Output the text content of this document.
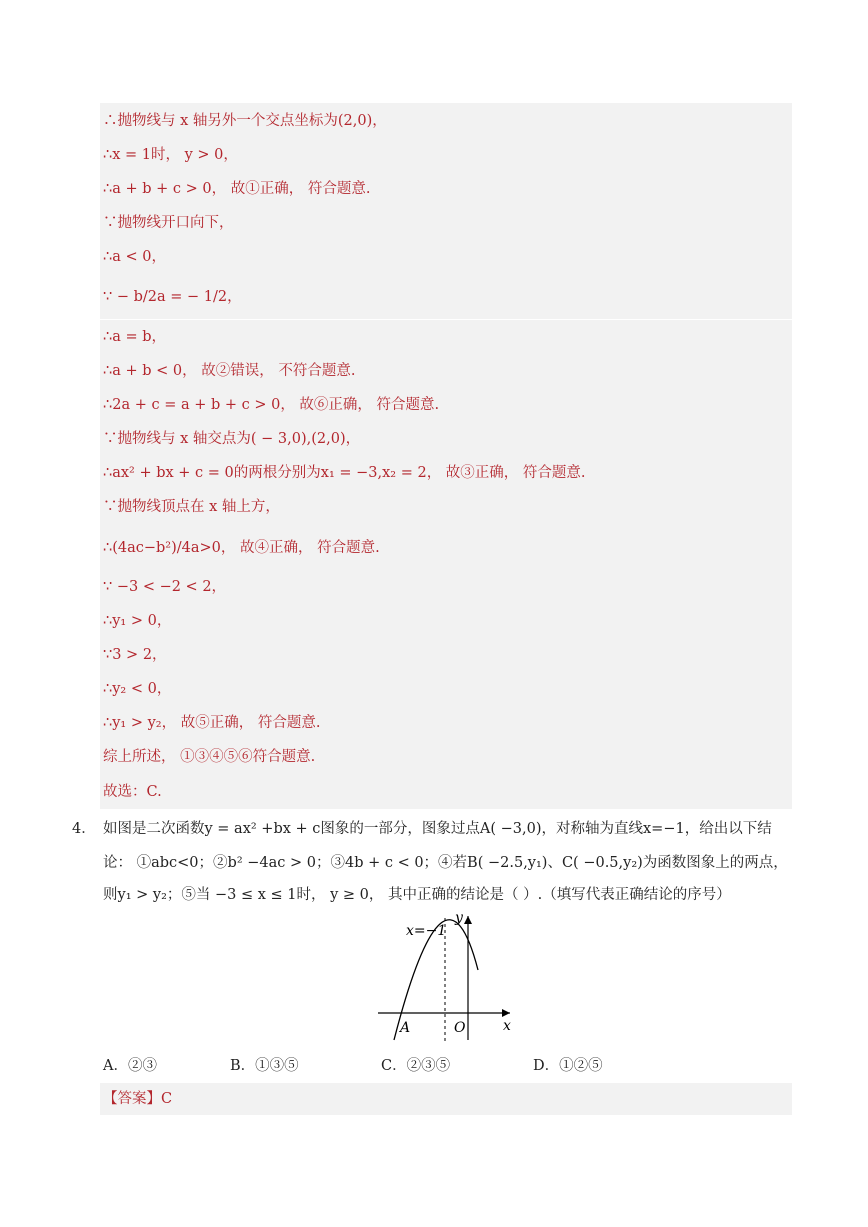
∴抛物线与 x 轴另外一个交点坐标为(2,0)，
∴x = 1时， y > 0，
∴a + b + c > 0， 故①正确， 符合题意.
∵抛物线开口向下，
∴a < 0，
∵ − b/2a = − 1/2，
∴a = b，
∴a + b < 0， 故②错误， 不符合题意.
∴2a + c = a + b + c > 0， 故⑥正确， 符合题意.
∵抛物线与 x 轴交点为( − 3,0),(2,0)，
∴ax² + bx + c = 0的两根分别为x₁ = −3,x₂ = 2， 故③正确， 符合题意.
∵抛物线顶点在 x 轴上方，
∴(4ac−b²)/4a>0， 故④正确， 符合题意.
∵ −3 < −2 < 2，
∴y₁ > 0，
∵3 > 2，
∴y₂ < 0，
∴y₁ > y₂， 故⑤正确， 符合题意.
综上所述， ①③④⑤⑥符合题意.
故选：C.
4． 如图是二次函数y = ax² +bx + c图象的一部分，图象过点A( −3,0)，对称轴为直线x=−1，给出以下结
论： ①abc<0；②b² −4ac > 0；③4b + c < 0；④若B( −2.5,y₁)、C( −0.5,y₂)为函数图象上的两点，
则y₁ > y₂；⑤当 −3 ≤ x ≤ 1时， y ≥ 0， 其中正确的结论是（ ）.（填写代表正确结论的序号）
x=−1
y
x
O
A
A．②③	B．①③⑤	C．②③⑤	D．①②⑤
【答案】C
